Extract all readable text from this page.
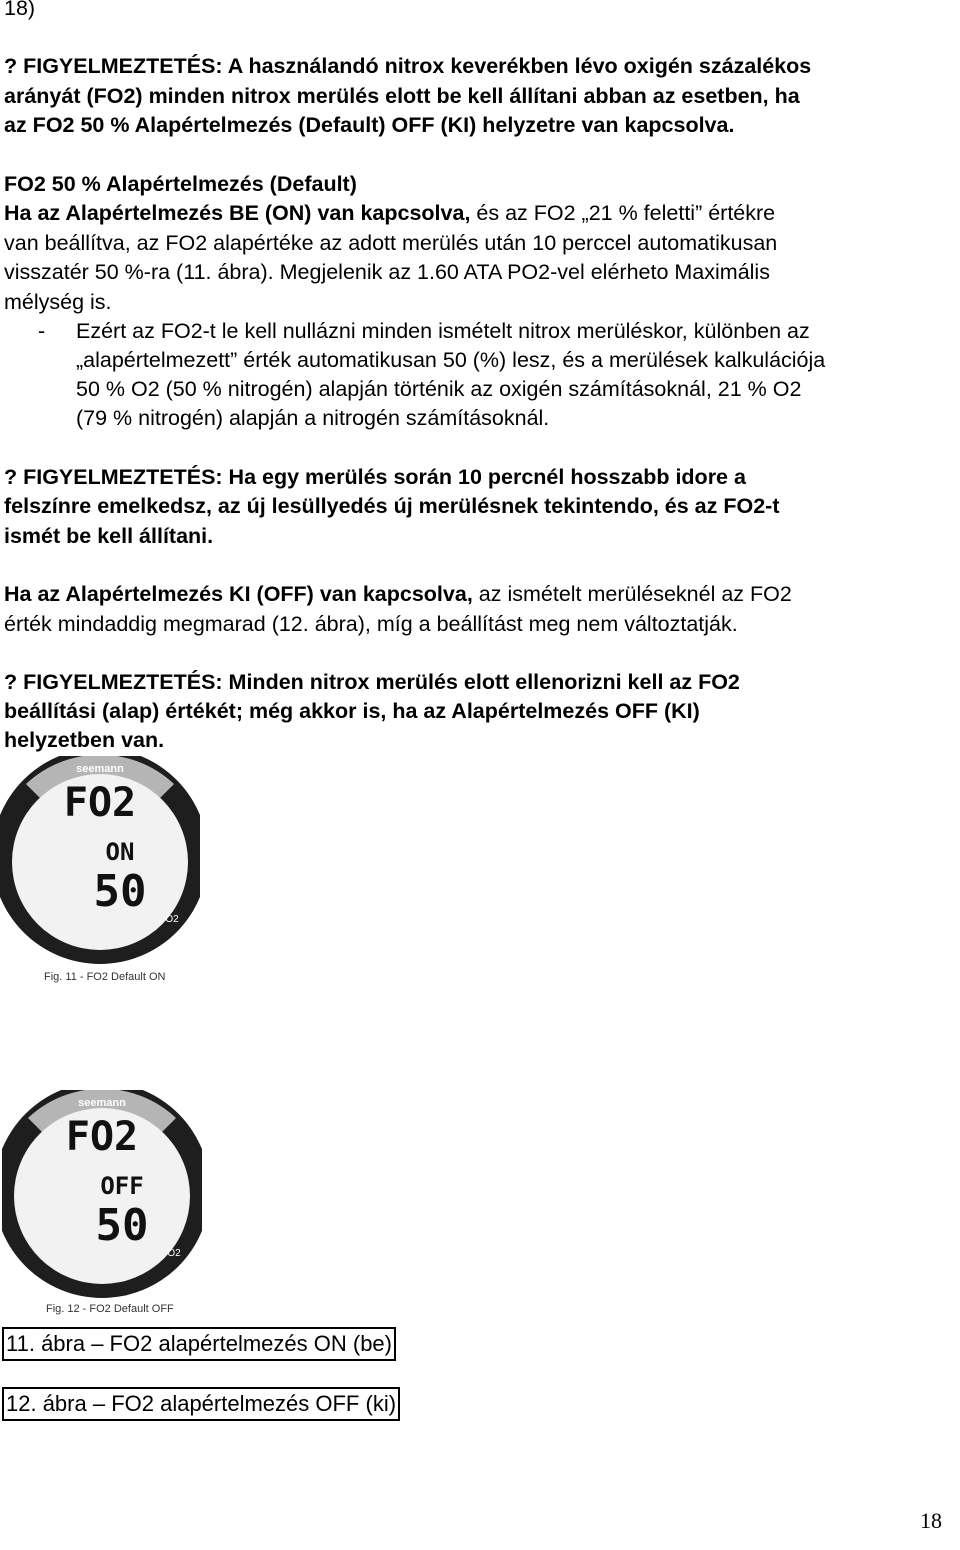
18)
? FIGYELMEZTETÉS: A használandó nitrox keverékben lévo oxigén százalékos
arányát (FO2) minden nitrox merülés elott be kell állítani abban az esetben, ha
az FO2 50 % Alapértelmezés (Default) OFF (KI) helyzetre van kapcsolva.
FO2 50 % Alapértelmezés (Default)
Ha az Alapértelmezés BE (ON) van kapcsolva, és az FO2 „21 % feletti” értékre
van beállítva, az FO2 alapértéke az adott merülés után 10 perccel automatikusan
visszatér 50 %-ra (11. ábra). Megjelenik az 1.60 ATA PO2-vel elérheto Maximális
mélység is.
- Ezért az FO2-t le kell nullázni minden ismételt nitrox merüléskor, különben az
„alapértelmezett” érték automatikusan 50 (%) lesz, és a merülések kalkulációja
50 % O2 (50 % nitrogén) alapján történik az oxigén számításoknál, 21 % O2
(79 % nitrogén) alapján a nitrogén számításoknál.
? FIGYELMEZTETÉS: Ha egy merülés során 10 percnél hosszabb idore a
felszínre emelkedsz, az új lesüllyedés új merülésnek tekintendo, és az FO2-t
ismét be kell állítani.
Ha az Alapértelmezés KI (OFF) van kapcsolva, az ismételt merüléseknél az FO2
érték mindaddig megmarad (12. ábra), míg a beállítást meg nem változtatják.
? FIGYELMEZTETÉS: Minden nitrox merülés elott ellenorizni kell az FO2
beállítási (alap) értékét; még akkor is, ha az Alapértelmezés OFF (KI)
helyzetben van.
seemann
FO2
ON
50
O2
Fig. 11 - FO2 Default ON
seemann
FO2
OFF
50
O2
Fig. 12 - FO2 Default OFF
11. ábra – FO2 alapértelmezés ON (be)
12. ábra – FO2 alapértelmezés OFF (ki)
18
